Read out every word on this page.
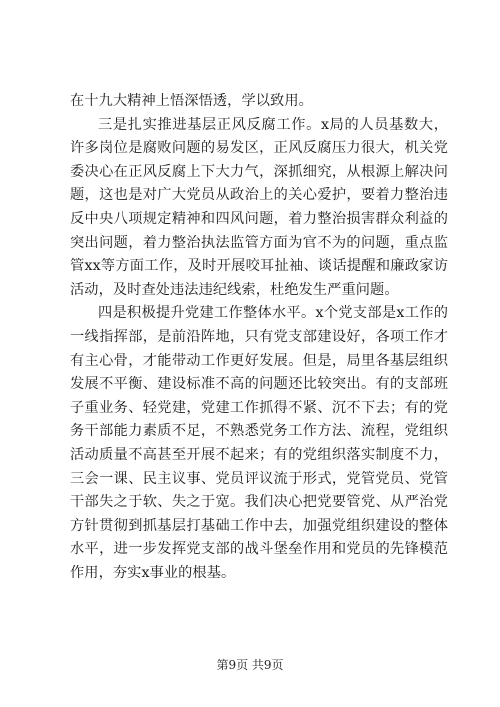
在十九大精神上悟深悟透，学以致用。

三是扎实推进基层正风反腐工作。x局的人员基数大，许多岗位是腐败问题的易发区，正风反腐压力很大，机关党委决心在正风反腐上下大力气，深抓细究，从根源上解决问题，这也是对广大党员从政治上的关心爱护，要着力整治违反中央八项规定精神和四风问题，着力整治损害群众利益的突出问题，着力整治执法监管方面为官不为的问题，重点监管xx等方面工作，及时开展咬耳扯袖、谈话提醒和廉政家访活动，及时查处违法违纪线索，杜绝发生严重问题。

四是积极提升党建工作整体水平。x个党支部是x工作的一线指挥部，是前沿阵地，只有党支部建设好，各项工作才有主心骨，才能带动工作更好发展。但是，局里各基层组织发展不平衡、建设标准不高的问题还比较突出。有的支部班子重业务、轻党建，党建工作抓得不紧、沉不下去；有的党务干部能力素质不足，不熟悉党务工作方法、流程，党组织活动质量不高甚至开展不起来；有的党组织落实制度不力，三会一课、民主议事、党员评议流于形式，党管党员、党管干部失之于软、失之于宽。我们决心把党要管党、从严治党方针贯彻到抓基层打基础工作中去，加强党组织建设的整体水平，进一步发挥党支部的战斗堡垒作用和党员的先锋模范作用，夯实x事业的根基。

第9页 共9页
